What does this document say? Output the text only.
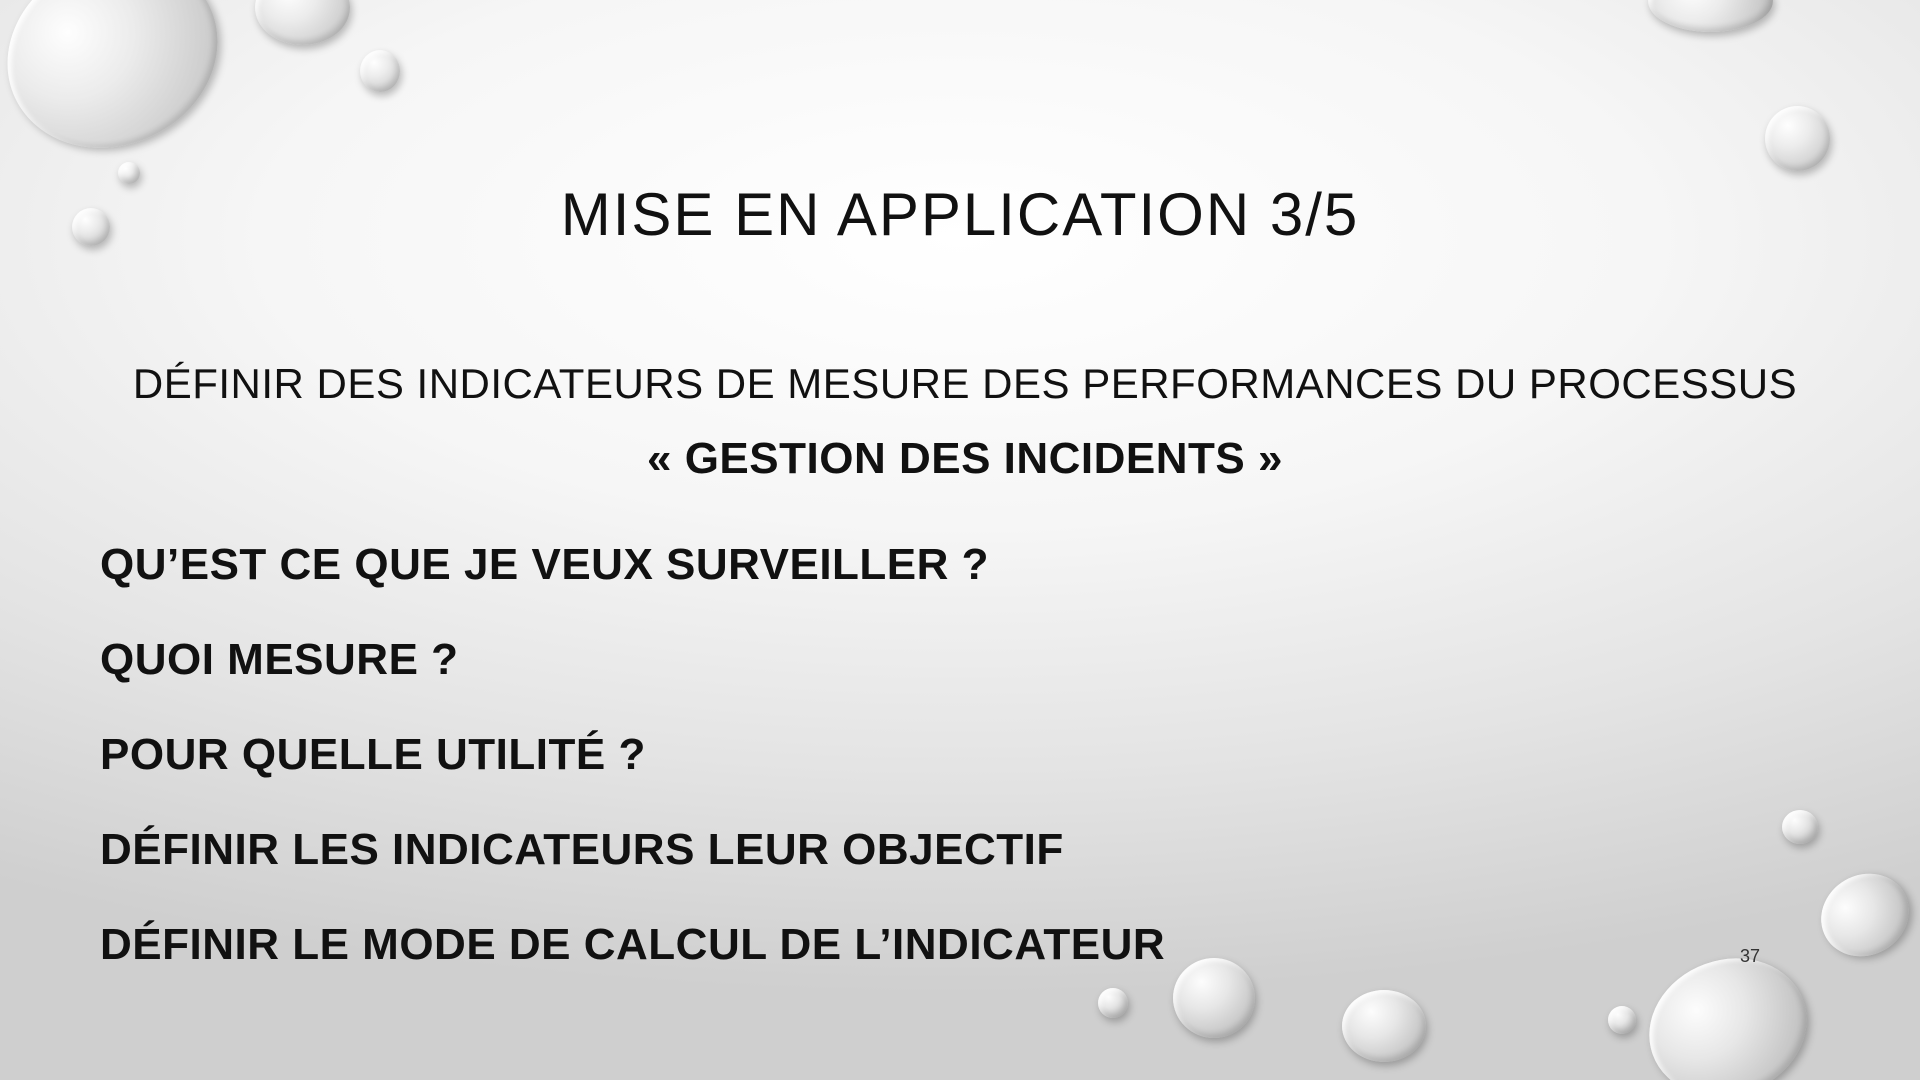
MISE EN APPLICATION 3/5
DÉFINIR DES INDICATEURS DE MESURE DES PERFORMANCES DU PROCESSUS
« GESTION DES INCIDENTS »
QU’EST CE QUE JE VEUX SURVEILLER ?
QUOI MESURE ?
POUR QUELLE UTILITÉ ?
DÉFINIR LES INDICATEURS LEUR OBJECTIF
DÉFINIR LE MODE DE CALCUL DE L’INDICATEUR	37
